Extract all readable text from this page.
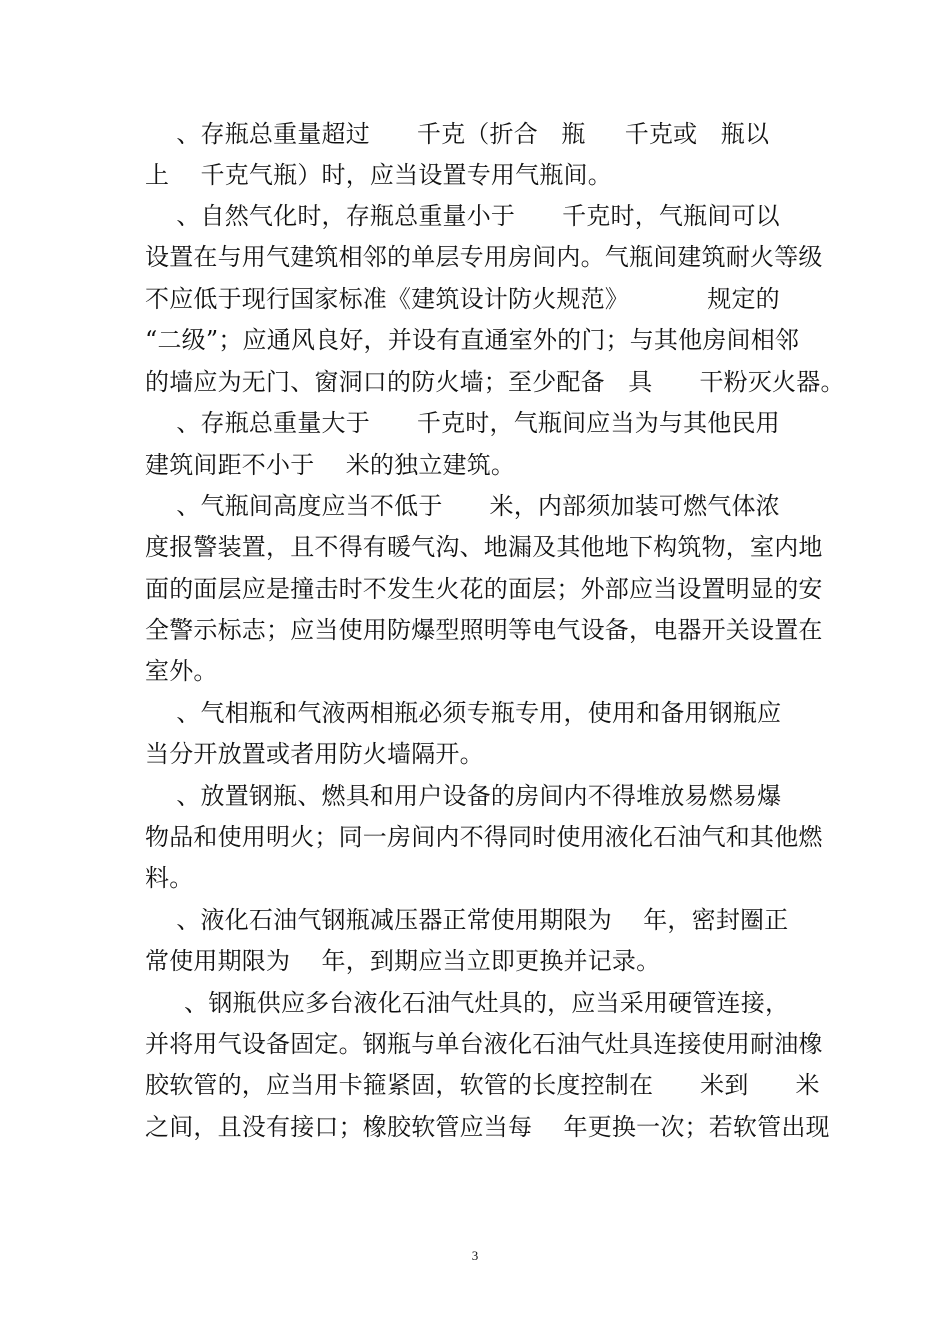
、存瓶总重量超过      千克（折合   瓶     千克或   瓶以
上    千克气瓶）时，应当设置专用气瓶间。
、自然气化时，存瓶总重量小于      千克时，气瓶间可以
设置在与用气建筑相邻的单层专用房间内。气瓶间建筑耐火等级
不应低于现行国家标准《建筑设计防火规范》          规定的
“二级”；应通风良好，并设有直通室外的门；与其他房间相邻
的墙应为无门、窗洞口的防火墙；至少配备   具      干粉灭火器。
、存瓶总重量大于      千克时，气瓶间应当为与其他民用
建筑间距不小于    米的独立建筑。
、气瓶间高度应当不低于      米，内部须加装可燃气体浓
度报警装置，且不得有暖气沟、地漏及其他地下构筑物，室内地
面的面层应是撞击时不发生火花的面层；外部应当设置明显的安
全警示标志；应当使用防爆型照明等电气设备，电器开关设置在
室外。
、气相瓶和气液两相瓶必须专瓶专用，使用和备用钢瓶应
当分开放置或者用防火墙隔开。
、放置钢瓶、燃具和用户设备的房间内不得堆放易燃易爆
物品和使用明火；同一房间内不得同时使用液化石油气和其他燃
料。
、液化石油气钢瓶减压器正常使用期限为    年，密封圈正
常使用期限为    年，到期应当立即更换并记录。
、钢瓶供应多台液化石油气灶具的，应当采用硬管连接，
并将用气设备固定。钢瓶与单台液化石油气灶具连接使用耐油橡
胶软管的，应当用卡箍紧固，软管的长度控制在      米到      米
之间，且没有接口；橡胶软管应当每    年更换一次；若软管出现
3
